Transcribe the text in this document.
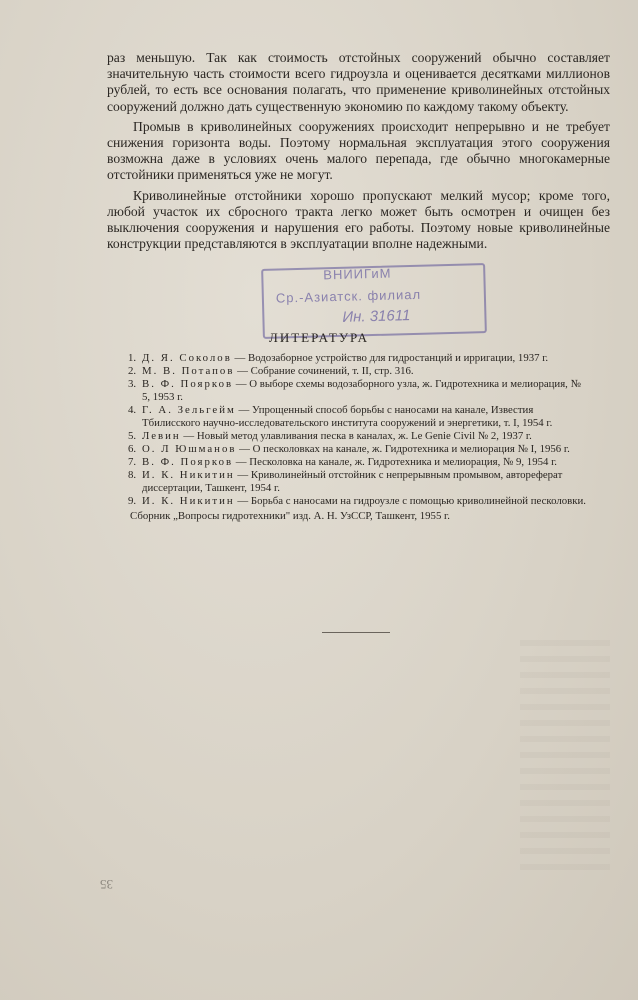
раз меньшую. Так как стоимость отстойных сооружений обычно составляет значительную часть стоимости всего гидроузла и оценивается десятками миллионов рублей, то есть все основания полагать, что применение криволинейных отстойных сооружений должно дать существенную экономию по каждому такому объекту.

Промыв в криволинейных сооружениях происходит непрерывно и не требует снижения горизонта воды. Поэтому нормальная эксплуатация этого сооружения возможна даже в условиях очень малого перепада, где обычно многокамерные отстойники применяться уже не могут.

Криволинейные отстойники хорошо пропускают мелкий мусор; кроме того, любой участок их сбросного тракта легко может быть осмотрен и очищен без выключения сооружения и нарушения его работы. Поэтому новые криволинейные конструкции представляются в эксплуатации вполне надежными.

ВНИИГиМ
Ср.-Азиатск. филиал
Ин. 31611
ЛИТЕРАТУРА
1. Д. Я. Соколов — Водозаборное устройство для гидростанций и ирригации, 1937 г.
2. М. В. Потапов — Собрание сочинений, т. II, стр. 316.
3. В. Ф. Поярков — О выборе схемы водозаборного узла, ж. Гидротехника и мелиорация, № 5, 1953 г.
4. Г. А. Зельгейм — Упрощенный способ борьбы с наносами на канале, Известия Тбилисского научно-исследовательского института сооружений и энергетики, т. I, 1954 г.
5. Левин — Новый метод улавливания песка в каналах, ж. Le Genie Civil № 2, 1937 г.
6. О. Л Юшманов — О песколовках на канале, ж. Гидротехника и мелиорация № I, 1956 г.
7. В. Ф. Поярков — Песколовка на канале, ж. Гидротехника и мелиорация, № 9, 1954 г.
8. И. К. Никитин — Криволинейный отстойник с непрерывным промывом, автореферат диссертации, Ташкент, 1954 г.
9. И. К. Никитин — Борьба с наносами на гидроузле с помощью криволинейной песколовки.
Сборник „Вопросы гидротехники" изд. А. Н. УзССР, Ташкент, 1955 г.
35
